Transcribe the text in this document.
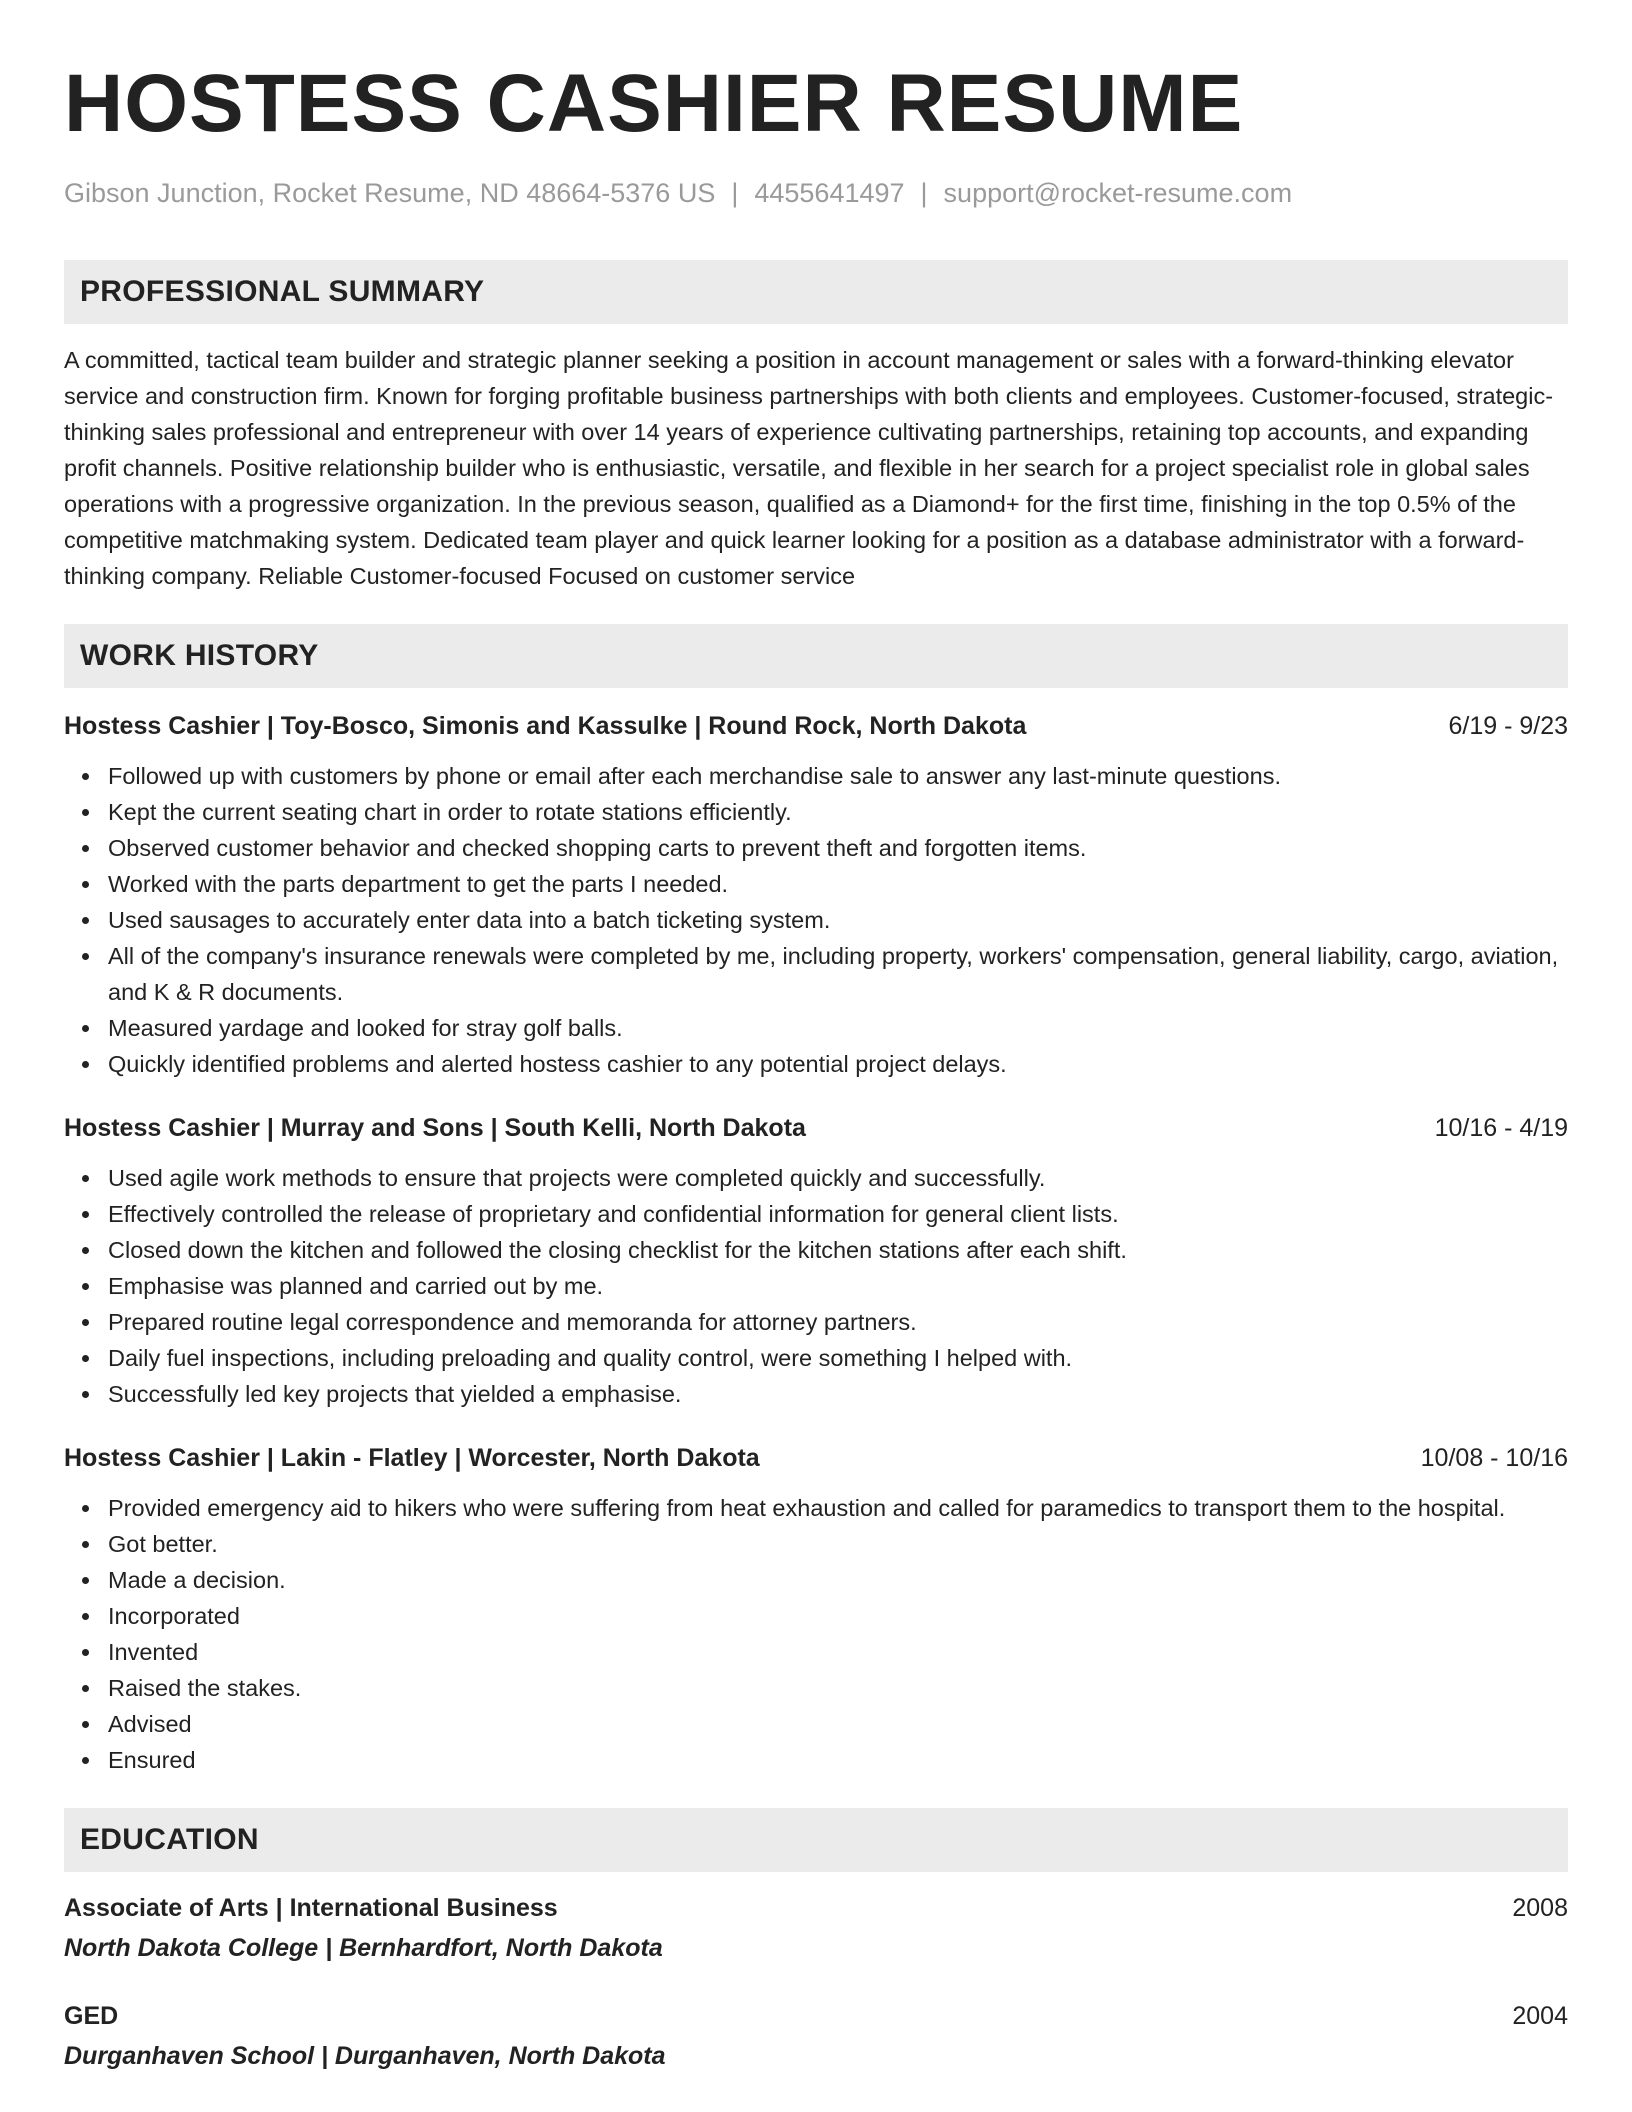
HOSTESS CASHIER RESUME
Gibson Junction, Rocket Resume, ND 48664-5376 US | 4455641497 | support@rocket-resume.com
PROFESSIONAL SUMMARY

A committed, tactical team builder and strategic planner seeking a position in account management or sales with a forward-thinking elevator service and construction firm. Known for forging profitable business partnerships with both clients and employees. Customer-focused, strategic-thinking sales professional and entrepreneur with over 14 years of experience cultivating partnerships, retaining top accounts, and expanding profit channels. Positive relationship builder who is enthusiastic, versatile, and flexible in her search for a project specialist role in global sales operations with a progressive organization. In the previous season, qualified as a Diamond+ for the first time, finishing in the top 0.5% of the competitive matchmaking system. Dedicated team player and quick learner looking for a position as a database administrator with a forward-thinking company. Reliable Customer-focused Focused on customer service

WORK HISTORY
Hostess Cashier | Toy-Bosco, Simonis and Kassulke | Round Rock, North Dakota	6/19 - 9/23
Followed up with customers by phone or email after each merchandise sale to answer any last-minute questions.
Kept the current seating chart in order to rotate stations efficiently.
Observed customer behavior and checked shopping carts to prevent theft and forgotten items.
Worked with the parts department to get the parts I needed.
Used sausages to accurately enter data into a batch ticketing system.
All of the company's insurance renewals were completed by me, including property, workers' compensation, general liability, cargo, aviation, and K & R documents.
Measured yardage and looked for stray golf balls.
Quickly identified problems and alerted hostess cashier to any potential project delays.
Hostess Cashier | Murray and Sons | South Kelli, North Dakota	10/16 - 4/19
Used agile work methods to ensure that projects were completed quickly and successfully.
Effectively controlled the release of proprietary and confidential information for general client lists.
Closed down the kitchen and followed the closing checklist for the kitchen stations after each shift.
Emphasise was planned and carried out by me.
Prepared routine legal correspondence and memoranda for attorney partners.
Daily fuel inspections, including preloading and quality control, were something I helped with.
Successfully led key projects that yielded a emphasise.
Hostess Cashier | Lakin - Flatley | Worcester, North Dakota	10/08 - 10/16
Provided emergency aid to hikers who were suffering from heat exhaustion and called for paramedics to transport them to the hospital.
Got better.
Made a decision.
Incorporated
Invented
Raised the stakes.
Advised
Ensured
EDUCATION
Associate of Arts | International Business	2008
North Dakota College | Bernhardfort, North Dakota
GED	2004
Durganhaven School | Durganhaven, North Dakota
